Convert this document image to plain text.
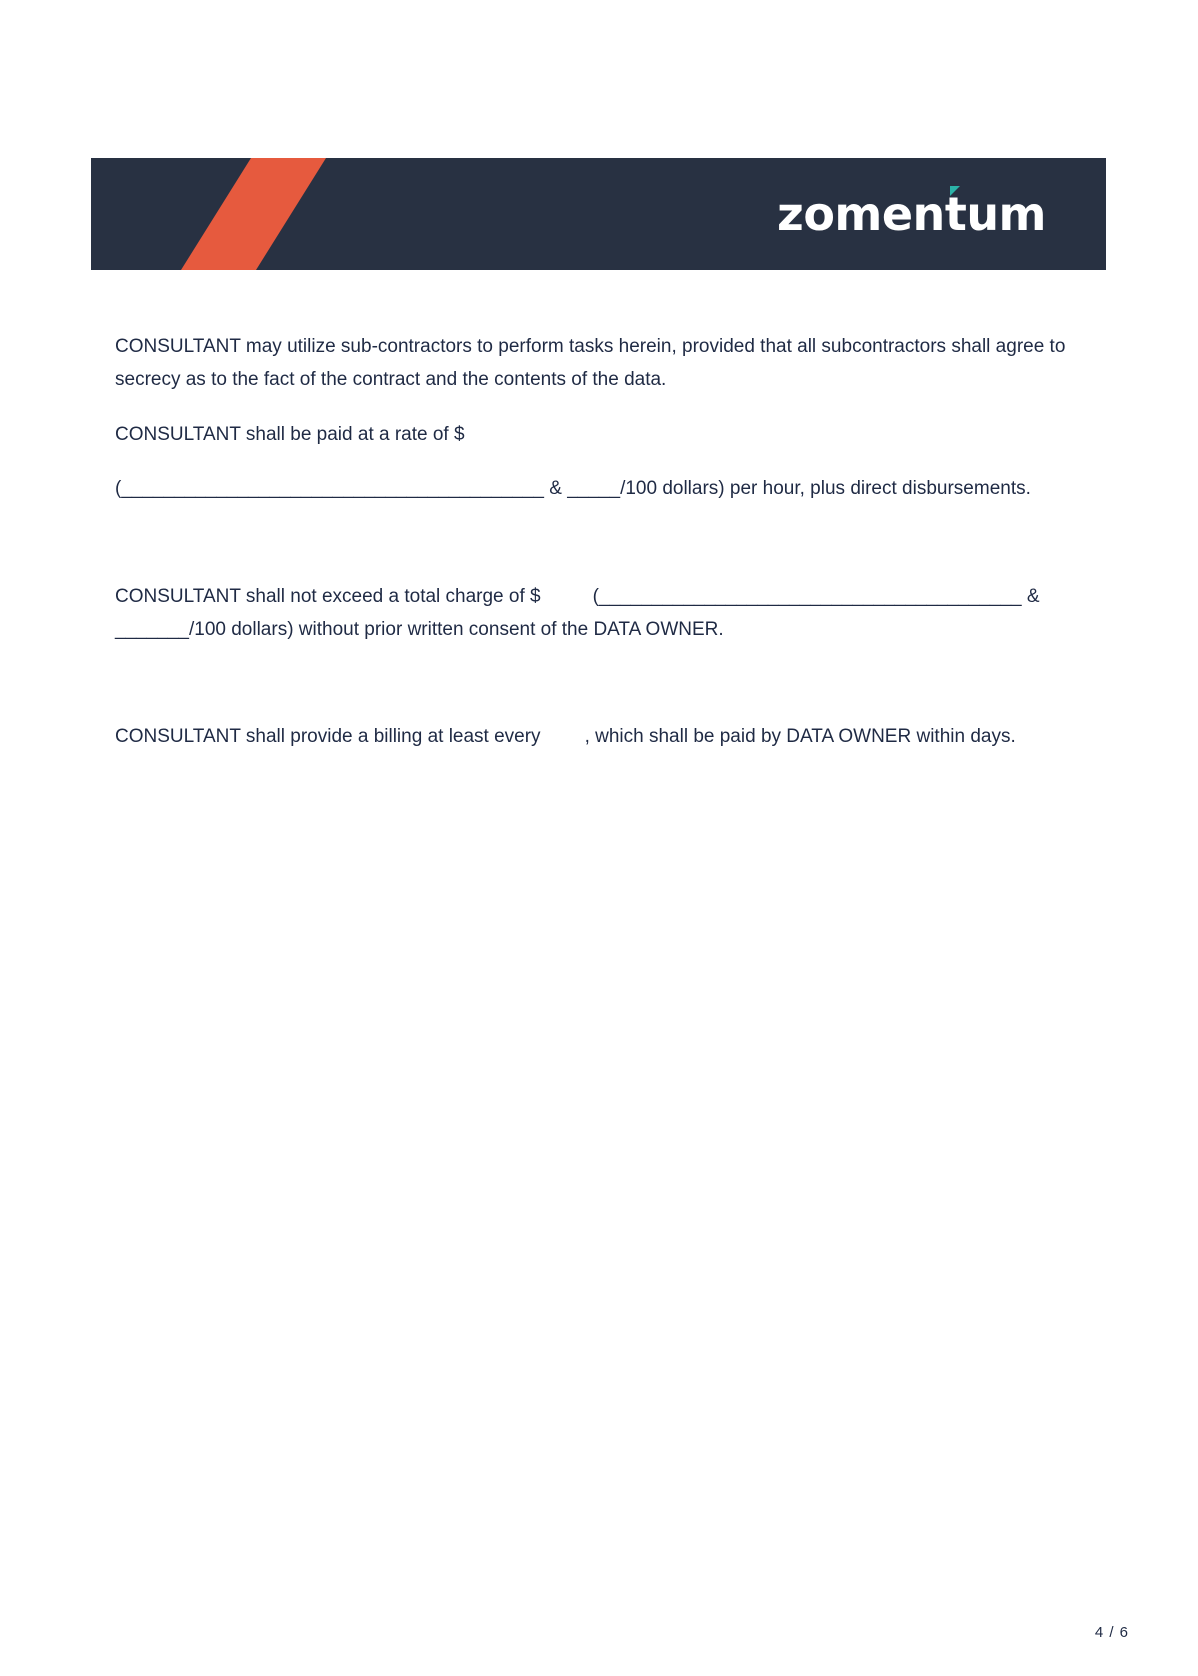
zomentum

CONSULTANT may utilize sub-contractors to perform tasks herein, provided that all subcontractors shall agree to secrecy as to the fact of the contract and the contents of the data.

CONSULTANT shall be paid at a rate of $

(________________________________________ & _____/100 dollars) per hour, plus direct disbursements.

CONSULTANT shall not exceed a total charge of $	(________________________________________ & _______/100 dollars) without prior written consent of the DATA OWNER.

CONSULTANT shall provide a billing at least every , which shall be paid by DATA OWNER within days.

4 / 6
